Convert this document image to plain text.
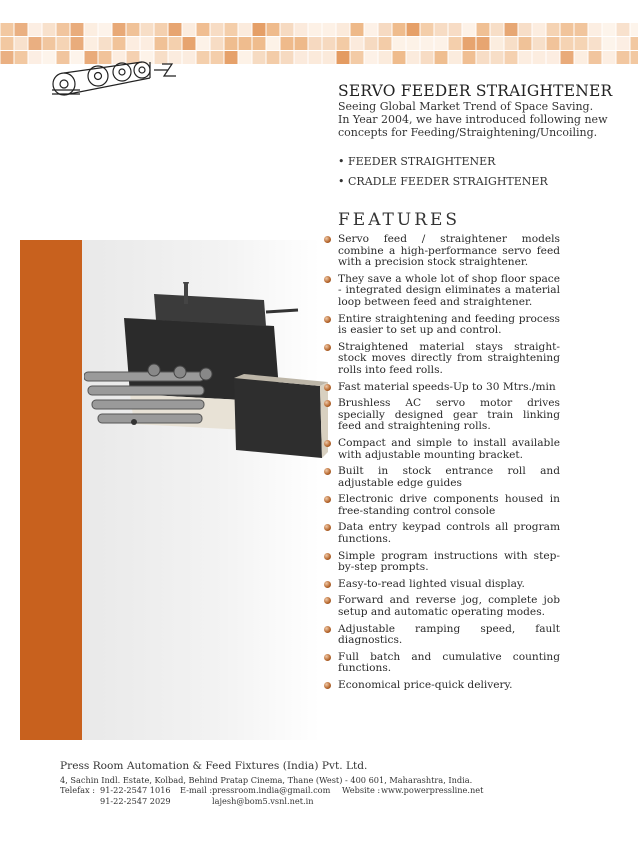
SERVO FEEDER STRAIGHTENER
Seeing Global Market Trend of Space Saving.
In Year 2004, we have introduced following new
concepts for Feeding/Straightening/Uncoiling.
• FEEDER STRAIGHTENER
• CRADLE FEEDER STRAIGHTENER
FEATURES
Servo feed / straightener models combine a high-performance servo feed with a precision stock straightener.
They save a whole lot of shop floor space - integrated design eliminates a material loop between feed and straightener.
Entire straightening and feeding process is easier to set up and control.
Straightened material stays straight-stock moves directly from straightening rolls into feed rolls.
Fast material speeds-Up to 30 Mtrs./min
Brushless AC servo motor drives specially designed gear train linking feed and straightening rolls.
Compact and simple to install available with adjustable mounting bracket.
Built in stock entrance roll and adjustable edge guides
Electronic drive components housed in free-standing control console
Data entry keypad controls all program functions.
Simple program instructions with step-by-step prompts.
Easy-to-read lighted visual display.
Forward and reverse jog, complete job setup and automatic operating modes.
Adjustable ramping speed, fault diagnostics.
Full batch and cumulative counting functions.
Economical price-quick delivery.

Press Room Automation & Feed Fixtures (India) Pvt. Ltd.

4, Sachin Indl. Estate, Kolbad, Behind Pratap Cinema, Thane (West) - 400 601, Maharashtra, India.

Telefax : 91-22-2547 1016 E-mail : pressroom.india@gmail.com Website : www.powerpressline.net
91-22-2547 2029	lajesh@bom5.vsnl.net.in
